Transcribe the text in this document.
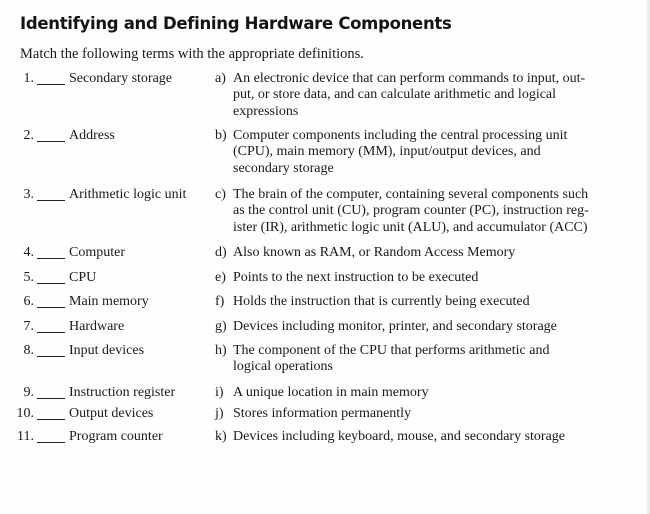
Identifying and Defining Hardware Components
Match the following terms with the appropriate definitions.
1.	Secondary storage	a) An electronic device that can perform commands to input, out-
put, or store data, and can calculate arithmetic and logical
expressions
2.	Address	b) Computer components including the central processing unit
(CPU), main memory (MM), input/output devices, and
secondary storage
3.	Arithmetic logic unit c) The brain of the computer, containing several components such
as the control unit (CU), program counter (PC), instruction reg-
ister (IR), arithmetic logic unit (ALU), and accumulator (ACC)
4.	Computer	d) Also known as RAM, or Random Access Memory
5.	CPU	e) Points to the next instruction to be executed
6.	Main memory	f) Holds the instruction that is currently being executed
7.	Hardware	g) Devices including monitor, printer, and secondary storage
8.	Input devices	h) The component of the CPU that performs arithmetic and
logical operations
9.	Instruction register	i) A unique location in main memory
10.	Output devices	j) Stores information permanently
11.	Program counter	k) Devices including keyboard, mouse, and secondary storage
